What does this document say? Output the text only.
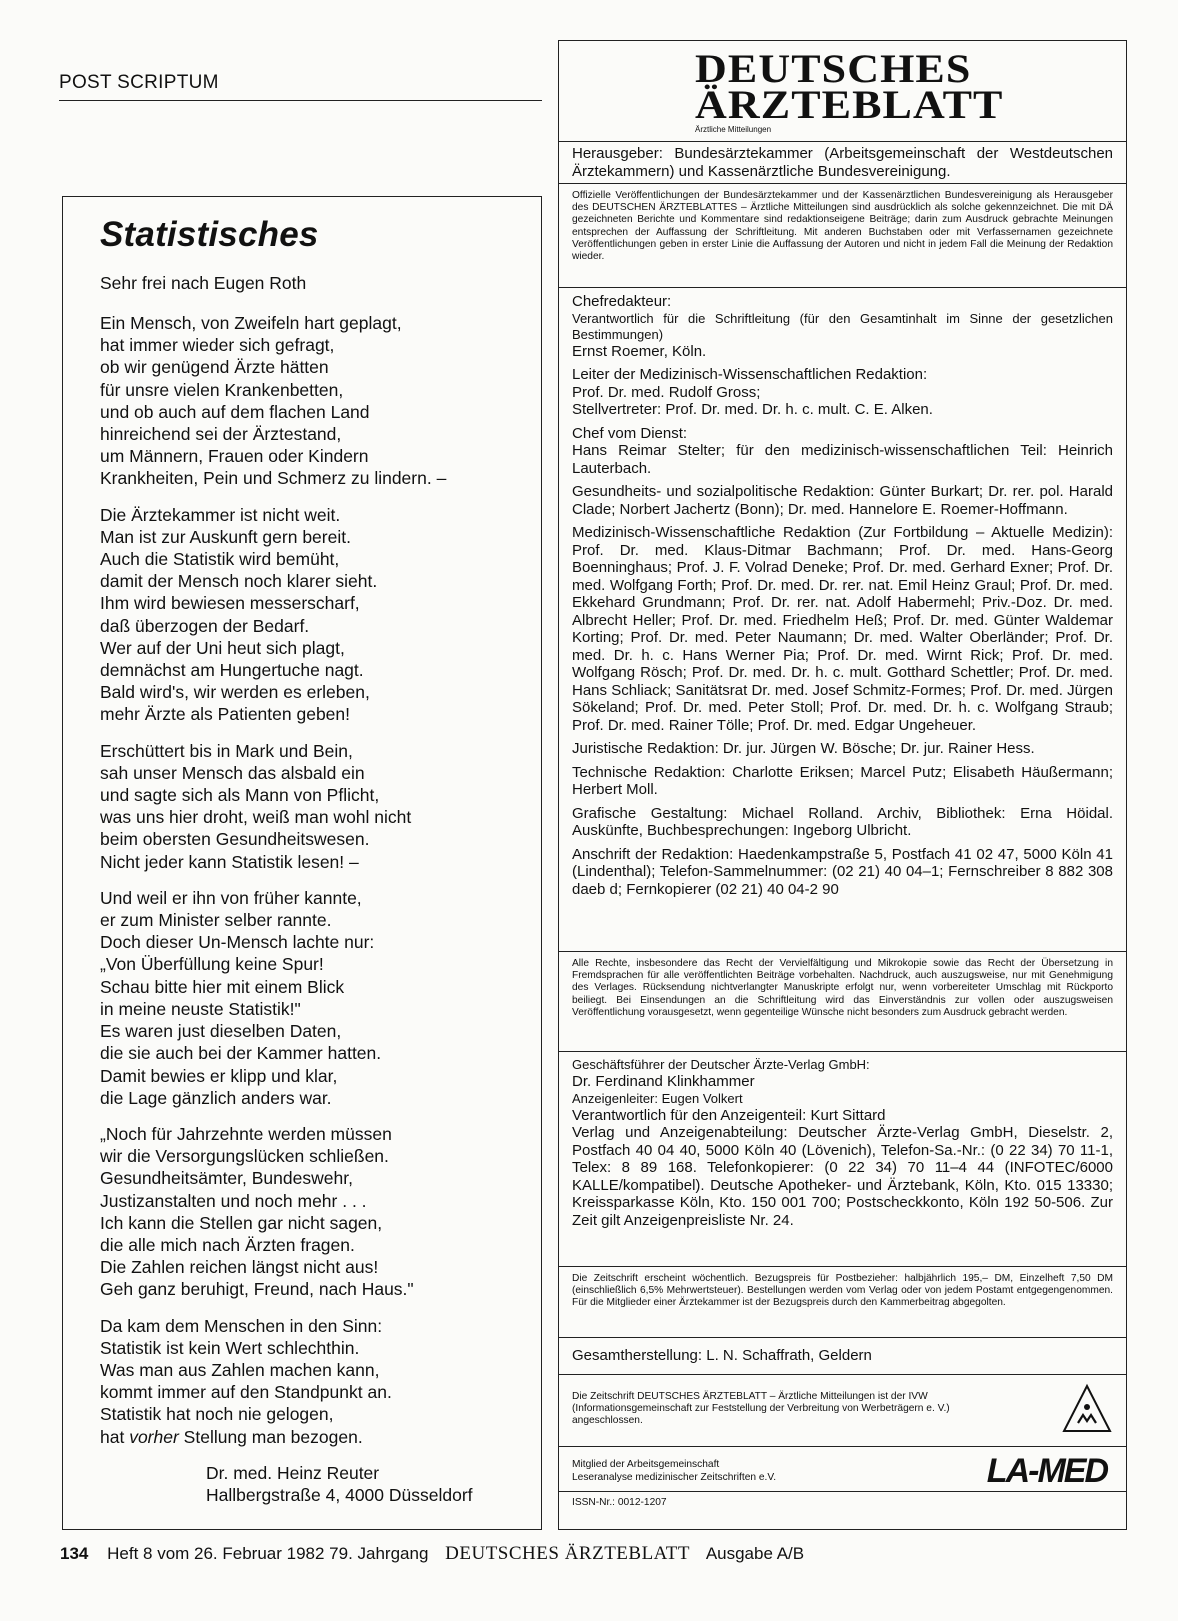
POST SCRIPTUM
Statistisches
Sehr frei nach Eugen Roth
Ein Mensch, von Zweifeln hart geplagt,
hat immer wieder sich gefragt,
ob wir genügend Ärzte hätten
für unsre vielen Krankenbetten,
und ob auch auf dem flachen Land
hinreichend sei der Ärztestand,
um Männern, Frauen oder Kindern
Krankheiten, Pein und Schmerz zu lindern. –
Die Ärztekammer ist nicht weit.
Man ist zur Auskunft gern bereit.
Auch die Statistik wird bemüht,
damit der Mensch noch klarer sieht.
Ihm wird bewiesen messerscharf,
daß überzogen der Bedarf.
Wer auf der Uni heut sich plagt,
demnächst am Hungertuche nagt.
Bald wird's, wir werden es erleben,
mehr Ärzte als Patienten geben!
Erschüttert bis in Mark und Bein,
sah unser Mensch das alsbald ein
und sagte sich als Mann von Pflicht,
was uns hier droht, weiß man wohl nicht
beim obersten Gesundheitswesen.
Nicht jeder kann Statistik lesen! –
Und weil er ihn von früher kannte,
er zum Minister selber rannte.
Doch dieser Un-Mensch lachte nur:
„Von Überfüllung keine Spur!
Schau bitte hier mit einem Blick
in meine neuste Statistik!"
Es waren just dieselben Daten,
die sie auch bei der Kammer hatten.
Damit bewies er klipp und klar,
die Lage gänzlich anders war.
„Noch für Jahrzehnte werden müssen
wir die Versorgungslücken schließen.
Gesundheitsämter, Bundeswehr,
Justizanstalten und noch mehr . . .
Ich kann die Stellen gar nicht sagen,
die alle mich nach Ärzten fragen.
Die Zahlen reichen längst nicht aus!
Geh ganz beruhigt, Freund, nach Haus."
Da kam dem Menschen in den Sinn:
Statistik ist kein Wert schlechthin.
Was man aus Zahlen machen kann,
kommt immer auf den Standpunkt an.
Statistik hat noch nie gelogen,
hat vorher Stellung man bezogen.
Dr. med. Heinz Reuter
Hallbergstraße 4, 4000 Düsseldorf
DEUTSCHES
ÄRZTEBLATT
Ärztliche Mitteilungen
Herausgeber: Bundesärztekammer (Arbeitsgemeinschaft der Westdeutschen Ärztekammern) und Kassenärztliche Bundesvereinigung.
Offizielle Veröffentlichungen der Bundesärztekammer und der Kassenärztlichen Bundesvereinigung als Herausgeber des DEUTSCHEN ÄRZTEBLATTES – Ärztliche Mitteilungen sind ausdrücklich als solche gekennzeichnet. Die mit DÄ gezeichneten Berichte und Kommentare sind redaktionseigene Beiträge; darin zum Ausdruck gebrachte Meinungen entsprechen der Auffassung der Schriftleitung. Mit anderen Buchstaben oder mit Verfassernamen gezeichnete Veröffentlichungen geben in erster Linie die Auffassung der Autoren und nicht in jedem Fall die Meinung der Redaktion wieder.
Chefredakteur:
Verantwortlich für die Schriftleitung (für den Gesamtinhalt im Sinne der gesetzlichen Bestimmungen)
Ernst Roemer, Köln.
Leiter der Medizinisch-Wissenschaftlichen Redaktion:
Prof. Dr. med. Rudolf Gross;
Stellvertreter: Prof. Dr. med. Dr. h. c. mult. C. E. Alken.
Chef vom Dienst:
Hans Reimar Stelter; für den medizinisch-wissenschaftlichen Teil: Heinrich Lauterbach.
Gesundheits- und sozialpolitische Redaktion: Günter Burkart; Dr. rer. pol. Harald Clade; Norbert Jachertz (Bonn); Dr. med. Hannelore E. Roemer-Hoffmann.
Medizinisch-Wissenschaftliche Redaktion (Zur Fortbildung – Aktuelle Medizin): Prof. Dr. med. Klaus-Ditmar Bachmann; Prof. Dr. med. Hans-Georg Boenninghaus; Prof. J. F. Volrad Deneke; Prof. Dr. med. Gerhard Exner; Prof. Dr. med. Wolfgang Forth; Prof. Dr. med. Dr. rer. nat. Emil Heinz Graul; Prof. Dr. med. Ekkehard Grundmann; Prof. Dr. rer. nat. Adolf Habermehl; Priv.-Doz. Dr. med. Albrecht Heller; Prof. Dr. med. Friedhelm Heß; Prof. Dr. med. Günter Waldemar Korting; Prof. Dr. med. Peter Naumann; Dr. med. Walter Oberländer; Prof. Dr. med. Dr. h. c. Hans Werner Pia; Prof. Dr. med. Wirnt Rick; Prof. Dr. med. Wolfgang Rösch; Prof. Dr. med. Dr. h. c. mult. Gotthard Schettler; Prof. Dr. med. Hans Schliack; Sanitätsrat Dr. med. Josef Schmitz-Formes; Prof. Dr. med. Jürgen Sökeland; Prof. Dr. med. Peter Stoll; Prof. Dr. med. Dr. h. c. Wolfgang Straub; Prof. Dr. med. Rainer Tölle; Prof. Dr. med. Edgar Ungeheuer.
Juristische Redaktion: Dr. jur. Jürgen W. Bösche; Dr. jur. Rainer Hess.
Technische Redaktion: Charlotte Eriksen; Marcel Putz; Elisabeth Häußermann; Herbert Moll.
Grafische Gestaltung: Michael Rolland. Archiv, Bibliothek: Erna Höidal. Auskünfte, Buchbesprechungen: Ingeborg Ulbricht.
Anschrift der Redaktion: Haedenkampstraße 5, Postfach 41 02 47, 5000 Köln 41 (Lindenthal); Telefon-Sammelnummer: (02 21) 40 04–1; Fernschreiber 8 882 308 daeb d; Fernkopierer (02 21) 40 04-2 90
Alle Rechte, insbesondere das Recht der Vervielfältigung und Mikrokopie sowie das Recht der Übersetzung in Fremdsprachen für alle veröffentlichten Beiträge vorbehalten. Nachdruck, auch auszugsweise, nur mit Genehmigung des Verlages. Rücksendung nichtverlangter Manuskripte erfolgt nur, wenn vorbereiteter Umschlag mit Rückporto beiliegt. Bei Einsendungen an die Schriftleitung wird das Einverständnis zur vollen oder auszugsweisen Veröffentlichung vorausgesetzt, wenn gegenteilige Wünsche nicht besonders zum Ausdruck gebracht werden.
Geschäftsführer der Deutscher Ärzte-Verlag GmbH:
Dr. Ferdinand Klinkhammer
Anzeigenleiter: Eugen Volkert
Verantwortlich für den Anzeigenteil: Kurt Sittard
Verlag und Anzeigenabteilung: Deutscher Ärzte-Verlag GmbH, Dieselstr. 2, Postfach 40 04 40, 5000 Köln 40 (Lövenich), Telefon-Sa.-Nr.: (0 22 34) 70 11-1, Telex: 8 89 168. Telefonkopierer: (0 22 34) 70 11–4 44 (INFOTEC/6000 KALLE/kompatibel). Deutsche Apotheker- und Ärztebank, Köln, Kto. 015 13330; Kreissparkasse Köln, Kto. 150 001 700; Postscheckkonto, Köln 192 50-506. Zur Zeit gilt Anzeigenpreisliste Nr. 24.
Die Zeitschrift erscheint wöchentlich. Bezugspreis für Postbezieher: halbjährlich 195,– DM, Einzelheft 7,50 DM (einschließlich 6,5% Mehrwertsteuer). Bestellungen werden vom Verlag oder von jedem Postamt entgegengenommen. Für die Mitglieder einer Ärztekammer ist der Bezugspreis durch den Kammerbeitrag abgegolten.
Gesamtherstellung: L. N. Schaffrath, Geldern
Die Zeitschrift DEUTSCHES ÄRZTEBLATT – Ärztliche Mitteilungen ist der IVW (Informationsgemeinschaft zur Feststellung der Verbreitung von Werbeträgern e. V.) angeschlossen.
Mitglied der Arbeitsgemeinschaft
Leseranalyse medizinischer Zeitschriften e.V.	LA-MED
ISSN-Nr.: 0012-1207
134 Heft 8 vom 26. Februar 1982 79. Jahrgang DEUTSCHES ÄRZTEBLATT Ausgabe A/B
